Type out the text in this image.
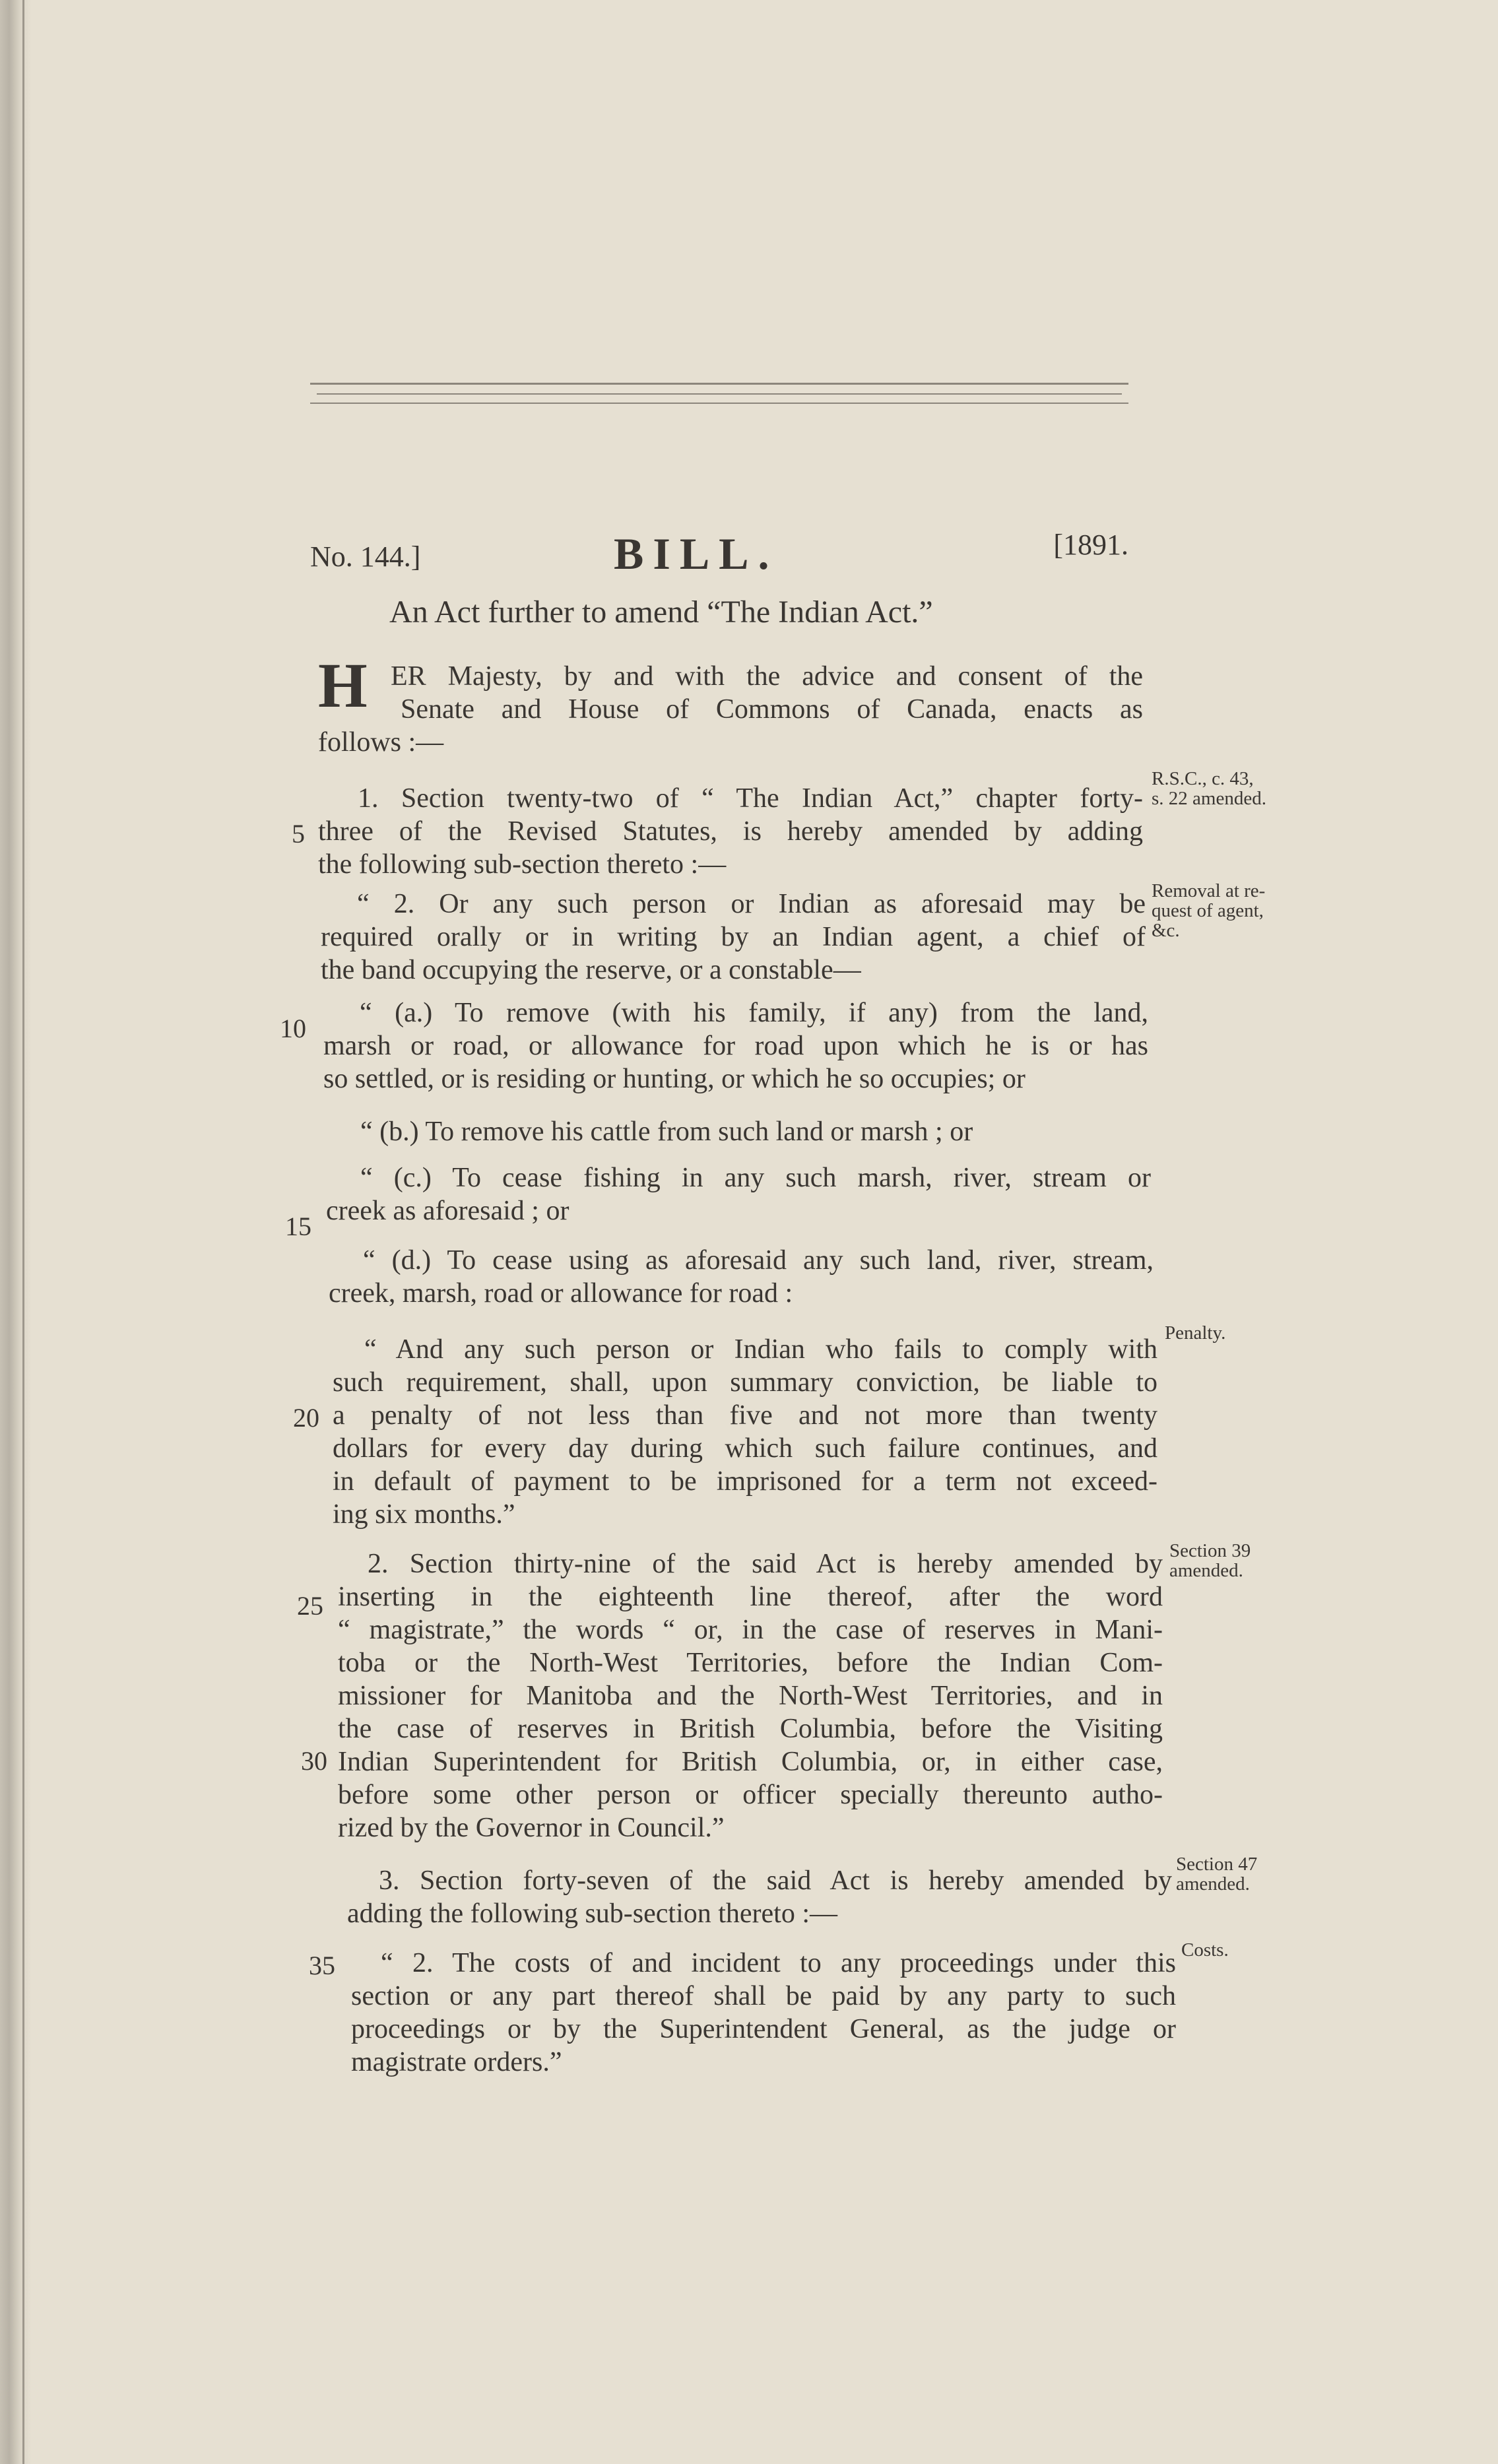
No. 144.]	BILL.	[1891.
An Act further to amend “The Indian Act.”
H ER Majesty, by and with the advice and consent of the
Senate and House of Commons of Canada, enacts as
follows :—
1. Section twenty-two of “ The Indian Act,” chapter forty-
three of the Revised Statutes, is hereby amended by adding
the following sub-section thereto :—
R.S.C., c. 43,
s. 22 amended.
“ 2. Or any such person or Indian as aforesaid may be
required orally or in writing by an Indian agent, a chief of
the band occupying the reserve, or a constable—
Removal at re-
quest of agent,
&c.
“ (a.) To remove (with his family, if any) from the land,
marsh or road, or allowance for road upon which he is or has
so settled, or is residing or hunting, or which he so occupies; or
“ (b.) To remove his cattle from such land or marsh ; or
“ (c.) To cease fishing in any such marsh, river, stream or
creek as aforesaid ; or
“ (d.) To cease using as aforesaid any such land, river, stream,
creek, marsh, road or allowance for road :
“ And any such person or Indian who fails to comply with
such requirement, shall, upon summary conviction, be liable to
a penalty of not less than five and not more than twenty
dollars for every day during which such failure continues, and
in default of payment to be imprisoned for a term not exceed-
ing six months.”
Penalty.
2. Section thirty-nine of the said Act is hereby amended by
inserting in the eighteenth line thereof, after the word
“ magistrate,” the words “ or, in the case of reserves in Mani-
toba or the North-West Territories, before the Indian Com-
missioner for Manitoba and the North-West Territories, and in
the case of reserves in British Columbia, before the Visiting
Indian Superintendent for British Columbia, or, in either case,
before some other person or officer specially thereunto autho-
rized by the Governor in Council.”
Section 39
amended.
3. Section forty-seven of the said Act is hereby amended by
adding the following sub-section thereto :—
Section 47
amended.
“ 2. The costs of and incident to any proceedings under this
section or any part thereof shall be paid by any party to such
proceedings or by the Superintendent General, as the judge or
magistrate orders.”
Costs.
5
10
15
20
25
30
35
